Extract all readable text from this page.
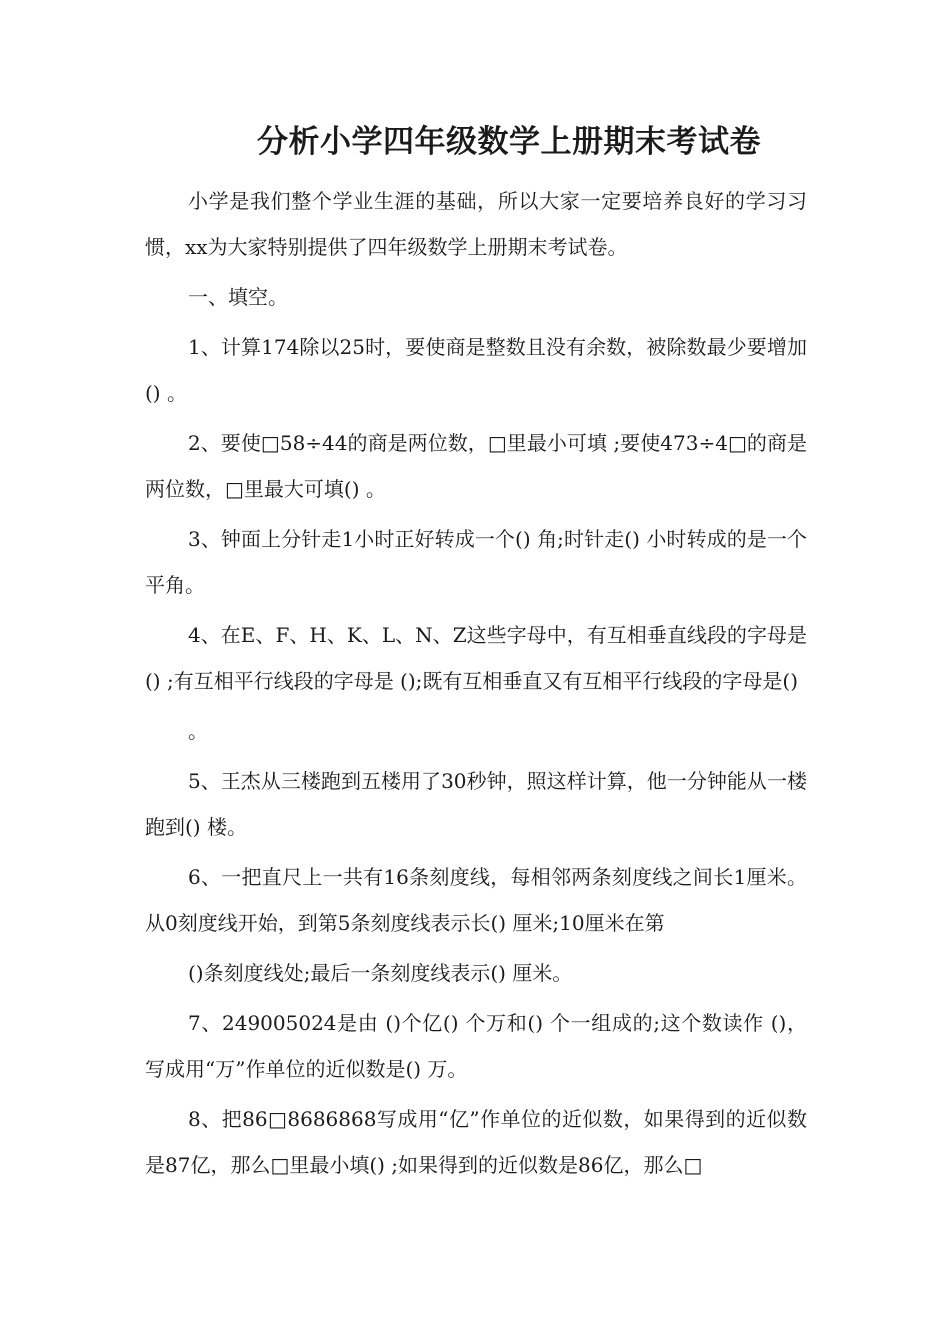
分析小学四年级数学上册期末考试卷

小学是我们整个学业生涯的基础，所以大家一定要培养良好的学习习惯，xx为大家特别提供了四年级数学上册期末考试卷。

一、填空。

1、计算174除以25时，要使商是整数且没有余数，被除数最少要增加() 。

2、要使□58÷44的商是两位数，□里最小可填 ;要使473÷4□的商是两位数，□里最大可填() 。

3、钟面上分针走1小时正好转成一个() 角;时针走() 小时转成的是一个平角。

4、在E、F、H、K、L、N、Z这些字母中，有互相垂直线段的字母是() ;有互相平行线段的字母是 ();既有互相垂直又有互相平行线段的字母是()

。

5、王杰从三楼跑到五楼用了30秒钟，照这样计算，他一分钟能从一楼跑到() 楼。

6、一把直尺上一共有16条刻度线，每相邻两条刻度线之间长1厘米。从0刻度线开始，到第5条刻度线表示长() 厘米;10厘米在第

()条刻度线处;最后一条刻度线表示() 厘米。

7、249005024是由 ()个亿() 个万和() 个一组成的;这个数读作 ()，写成用“万”作单位的近似数是() 万。

8、把86□8686868写成用“亿”作单位的近似数，如果得到的近似数是87亿，那么□里最小填() ;如果得到的近似数是86亿，那么□
